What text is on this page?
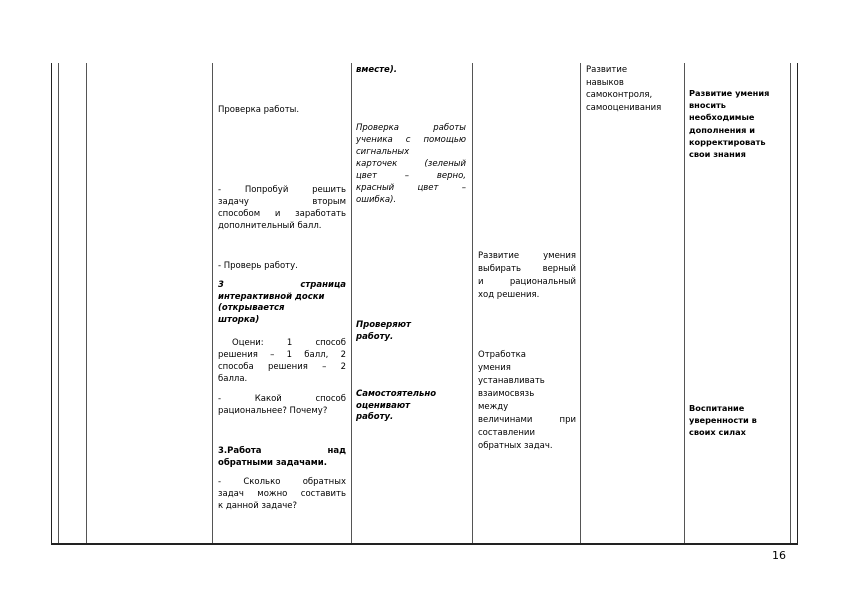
Проверка работы.
- Попробуй решить
задачу вторым
способом и заработать
дополнительный балл.
- Проверь работу.
3 страница
интерактивной доски
(открывается
шторка)
Оцени: 1 способ
решения – 1 балл, 2
способа решения – 2
балла.
- Какой способ
рациональнее? Почему?
3.Работа над
обратными задачами.
- Сколько обратных
задач можно составить
к данной задаче?
вместе).
Проверка работы
ученика с помощью
сигнальных
карточек (зеленый
цвет – верно,
красный цвет –
ошибка).
Проверяют
работу.
Самостоятельно
оценивают
работу.
Развитие умения
выбирать верный
и рациональный
ход решения.
Отработка
умения
устанавливать
взаимосвязь
между
величинами при
составлении
обратных задач.
Развитие
навыков
самоконтроля,
самооценивания
Развитие умения
вносить
необходимые
дополнения и
корректировать
свои знания
Воспитание
уверенности в
своих силах
16
